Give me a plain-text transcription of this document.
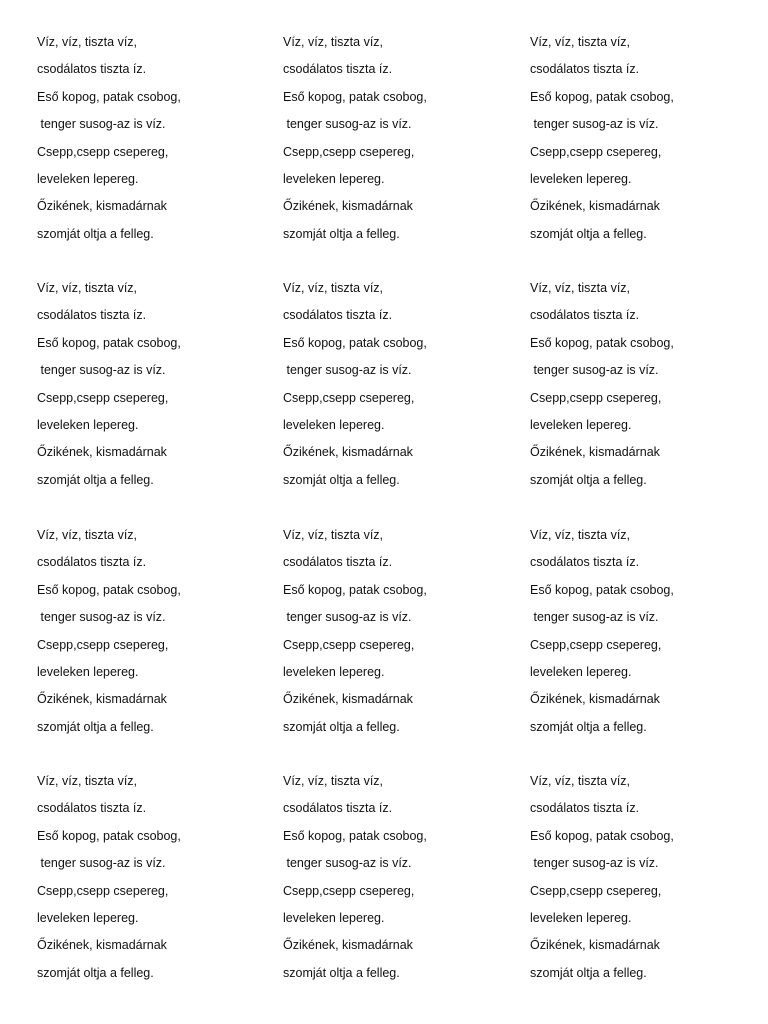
Víz, víz, tiszta víz,
csodálatos tiszta íz.
Eső kopog, patak csobog,
tenger susog-az is víz.
Csepp,csepp csepereg,
leveleken lepereg.
Őzikének, kismadárnak
szomját oltja a felleg.
Víz, víz, tiszta víz,
csodálatos tiszta íz.
Eső kopog, patak csobog,
tenger susog-az is víz.
Csepp,csepp csepereg,
leveleken lepereg.
Őzikének, kismadárnak
szomját oltja a felleg.
Víz, víz, tiszta víz,
csodálatos tiszta íz.
Eső kopog, patak csobog,
tenger susog-az is víz.
Csepp,csepp csepereg,
leveleken lepereg.
Őzikének, kismadárnak
szomját oltja a felleg.
Víz, víz, tiszta víz,
csodálatos tiszta íz.
Eső kopog, patak csobog,
tenger susog-az is víz.
Csepp,csepp csepereg,
leveleken lepereg.
Őzikének, kismadárnak
szomját oltja a felleg.
Víz, víz, tiszta víz,
csodálatos tiszta íz.
Eső kopog, patak csobog,
tenger susog-az is víz.
Csepp,csepp csepereg,
leveleken lepereg.
Őzikének, kismadárnak
szomját oltja a felleg.
Víz, víz, tiszta víz,
csodálatos tiszta íz.
Eső kopog, patak csobog,
tenger susog-az is víz.
Csepp,csepp csepereg,
leveleken lepereg.
Őzikének, kismadárnak
szomját oltja a felleg.
Víz, víz, tiszta víz,
csodálatos tiszta íz.
Eső kopog, patak csobog,
tenger susog-az is víz.
Csepp,csepp csepereg,
leveleken lepereg.
Őzikének, kismadárnak
szomját oltja a felleg.
Víz, víz, tiszta víz,
csodálatos tiszta íz.
Eső kopog, patak csobog,
tenger susog-az is víz.
Csepp,csepp csepereg,
leveleken lepereg.
Őzikének, kismadárnak
szomját oltja a felleg.
Víz, víz, tiszta víz,
csodálatos tiszta íz.
Eső kopog, patak csobog,
tenger susog-az is víz.
Csepp,csepp csepereg,
leveleken lepereg.
Őzikének, kismadárnak
szomját oltja a felleg.
Víz, víz, tiszta víz,
csodálatos tiszta íz.
Eső kopog, patak csobog,
tenger susog-az is víz.
Csepp,csepp csepereg,
leveleken lepereg.
Őzikének, kismadárnak
szomját oltja a felleg.
Víz, víz, tiszta víz,
csodálatos tiszta íz.
Eső kopog, patak csobog,
tenger susog-az is víz.
Csepp,csepp csepereg,
leveleken lepereg.
Őzikének, kismadárnak
szomját oltja a felleg.
Víz, víz, tiszta víz,
csodálatos tiszta íz.
Eső kopog, patak csobog,
tenger susog-az is víz.
Csepp,csepp csepereg,
leveleken lepereg.
Őzikének, kismadárnak
szomját oltja a felleg.
